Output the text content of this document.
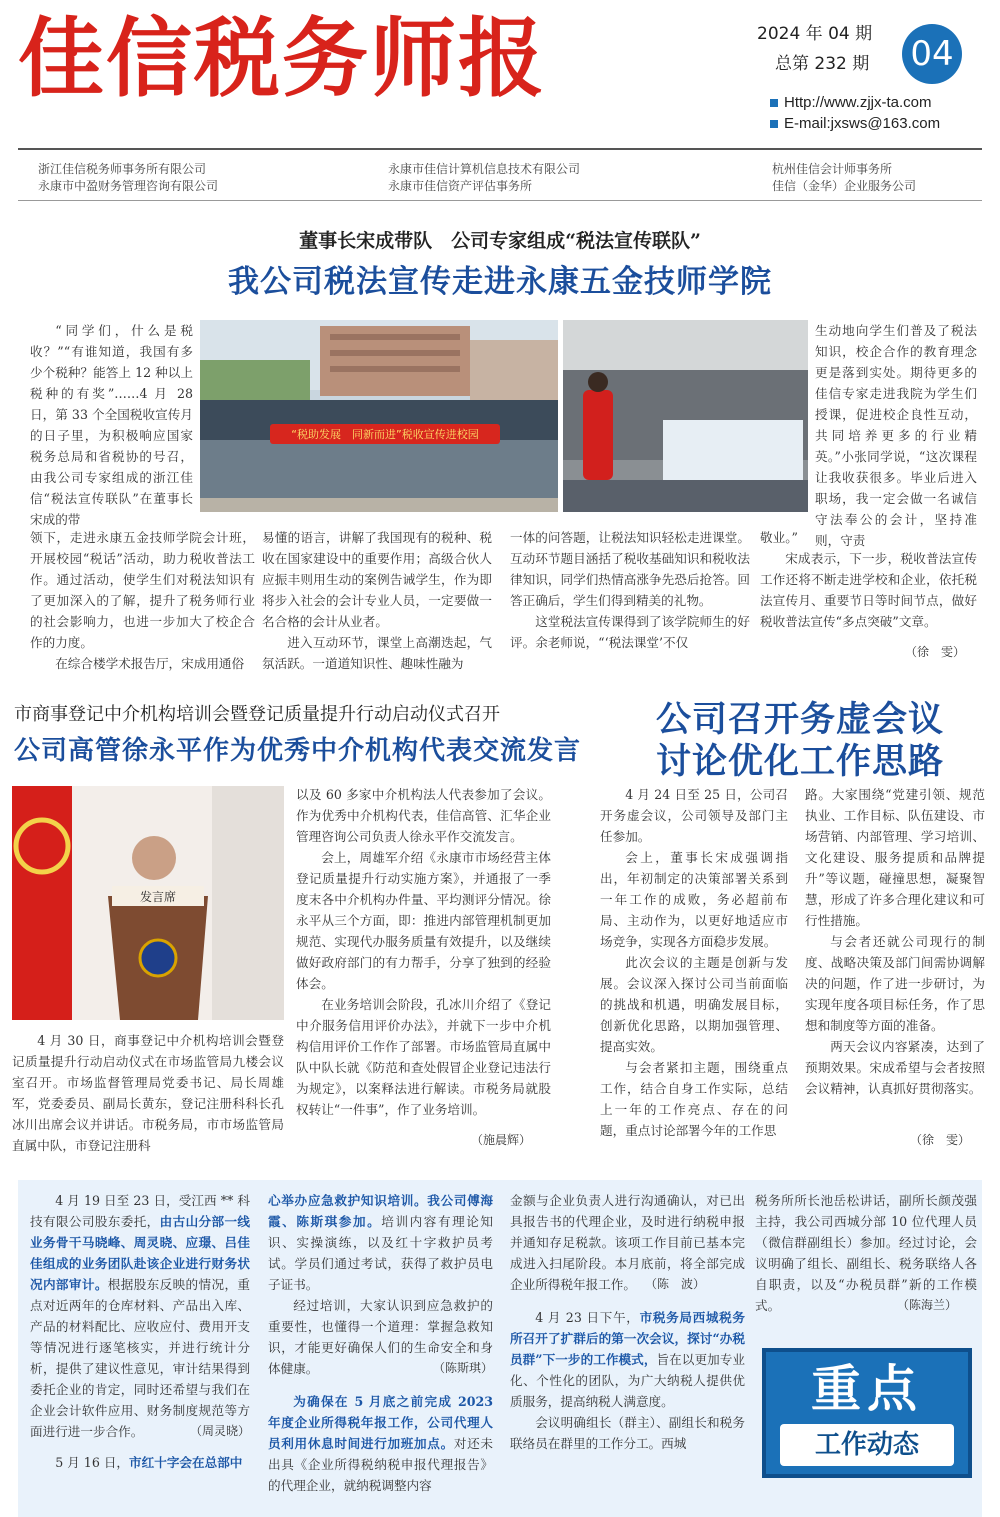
佳信税务师报	2024 年 04 期
总第 232 期 04
Http://www.zjjx-ta.com
E-mail:jxsws@163.com
浙江佳信税务师事务所有限公司	永康市佳信计算机信息技术有限公司	杭州佳信会计师事务所
永康市中盈财务管理咨询有限公司	永康市佳信资产评估事务所	佳信（金华）企业服务公司
董事长宋成带队　公司专家组成“税法宣传联队”
我公司税法宣传走进永康五金技师学院
“税助发展　同新而进”税收宣传进校园

“同学们，什么是税收？”“有谁知道，我国有多少个税种？能答上 12 种以上税种的有奖”……4 月 28 日，第 33 个全国税收宣传月的日子里，为积极响应国家税务总局和省税协的号召，由我公司专家组成的浙江佳信“税法宣传联队”在董事长宋成的带

领下，走进永康五金技师学院会计班，开展校园“税话”活动，助力税收普法工作。通过活动，使学生们对税法知识有了更加深入的了解，提升了税务师行业的社会影响力，也进一步加大了校企合作的力度。

在综合楼学术报告厅，宋成用通俗

易懂的语言，讲解了我国现有的税种、税收在国家建设中的重要作用；高级合伙人应振丰则用生动的案例告诫学生，作为即将步入社会的会计专业人员，一定要做一名合格的会计从业者。

进入互动环节，课堂上高潮迭起，气氛活跃。一道道知识性、趣味性融为

一体的问答题，让税法知识轻松走进课堂。互动环节题目涵括了税收基础知识和税收法律知识，同学们热情高涨争先恐后抢答。回答正确后，学生们得到精美的礼物。

这堂税法宣传课得到了该学院师生的好评。余老师说，“‘税法课堂’不仅

生动地向学生们普及了税法知识，校企合作的教育理念更是落到实处。期待更多的佳信专家走进我院为学生们授课，促进校企良性互动，共同培养更多的行业精英。”小张同学说，“这次课程让我收获很多。毕业后进入职场，我一定会做一名诚信守法奉公的会计，坚持准则，守责

敬业。”

宋成表示，下一步，税收普法宣传工作还将不断走进学校和企业，依托税法宣传月、重要节日等时间节点，做好税收普法宣传“多点突破”文章。

（徐　雯）
市商事登记中介机构培训会暨登记质量提升行动启动仪式召开
公司高管徐永平作为优秀中介机构代表交流发言
发言席

4 月 30 日，商事登记中介机构培训会暨登记质量提升行动启动仪式在市场监管局九楼会议室召开。市场监督管理局党委书记、局长周雄军，党委委员、副局长黄东，登记注册科科长孔冰川出席会议并讲话。市税务局，市市场监管局直属中队，市登记注册科

以及 60 多家中介机构法人代表参加了会议。作为优秀中介机构代表，佳信高管、汇华企业管理咨询公司负责人徐永平作交流发言。

会上，周雄军介绍《永康市市场经营主体登记质量提升行动实施方案》，并通报了一季度末各中介机构办件量、平均测评分情况。徐永平从三个方面，即：推进内部管理机制更加规范、实现代办服务质量有效提升，以及继续做好政府部门的有力帮手，分享了独到的经验体会。

在业务培训会阶段，孔冰川介绍了《登记中介服务信用评价办法》，并就下一步中介机构信用评价工作作了部署。市场监管局直属中队中队长就《防范和查处假冒企业登记违法行为规定》，以案释法进行解读。市税务局就股权转让“一件事”，作了业务培训。

（施晨辉）
公司召开务虚会议
讨论优化工作思路

4 月 24 日至 25 日，公司召开务虚会议，公司领导及部门主任参加。

会上，董事长宋成强调指出，年初制定的决策部署关系到一年工作的成败，务必超前布局、主动作为，以更好地适应市场竞争，实现各方面稳步发展。

此次会议的主题是创新与发展。会议深入探讨公司当前面临的挑战和机遇，明确发展目标，创新优化思路，以期加强管理、提高实效。

与会者紧扣主题，围绕重点工作，结合自身工作实际，总结上一年的工作亮点、存在的问题，重点讨论部署今年的工作思

路。大家围绕“党建引领、规范执业、工作目标、队伍建设、市场营销、内部管理、学习培训、文化建设、服务提质和品牌提升”等议题，碰撞思想，凝聚智慧，形成了许多合理化建议和可行性措施。

与会者还就公司现行的制度、战略决策及部门间需协调解决的问题，作了进一步研讨，为实现年度各项目标任务，作了思想和制度等方面的准备。

两天会议内容紧凑，达到了预期效果。宋成希望与会者按照会议精神，认真抓好贯彻落实。

（徐　雯）

4 月 19 日至 23 日，受江西 ** 科技有限公司股东委托，由古山分部一线业务骨干马晓峰、周灵晓、应璟、吕佳佳组成的业务团队赴该企业进行财务状况内部审计。根据股东反映的情况，重点对近两年的仓库材料、产品出入库、产品的材料配比、应收应付、费用开支等情况进行逐笔核实，并进行统计分析，提供了建议性意见，审计结果得到委托企业的肯定，同时还希望与我们在企业会计软件应用、财务制度规范等方面进行进一步合作。	（周灵晓）

5 月 16 日，市红十字会在总部中

心举办应急救护知识培训。我公司傅海霞、陈斯琪参加。培训内容有理论知识、实操演练，以及红十字救护员考试。学员们通过考试，获得了救护员电子证书。

经过培训，大家认识到应急救护的重要性，也懂得一个道理：掌握急救知识，才能更好确保人们的生命安全和身体健康。	（陈斯琪）

为确保在 5 月底之前完成 2023 年度企业所得税年报工作，公司代理人员利用休息时间进行加班加点。对还未出具《企业所得税纳税申报代理报告》的代理企业，就纳税调整内容

金额与企业负责人进行沟通确认，对已出具报告书的代理企业，及时进行纳税申报并通知存足税款。该项工作目前已基本完成进入扫尾阶段。本月底前，将全部完成企业所得税年报工作。 （陈　波）

4 月 23 日下午，市税务局西城税务所召开了扩群后的第一次会议，探讨“办税员群”下一步的工作模式，旨在以更加专业化、个性化的团队，为广大纳税人提供优质服务，提高纳税人满意度。

会议明确组长（群主）、副组长和税务联络员在群里的工作分工。西城

税务所所长池岳松讲话，副所长颜茂强主持，我公司西城分部 10 位代理人员（微信群副组长）参加。经过讨论，会议明确了组长、副组长、税务联络人各自职责，以及“办税员群”新的工作模式。	（陈海兰）
重点
工作动态
